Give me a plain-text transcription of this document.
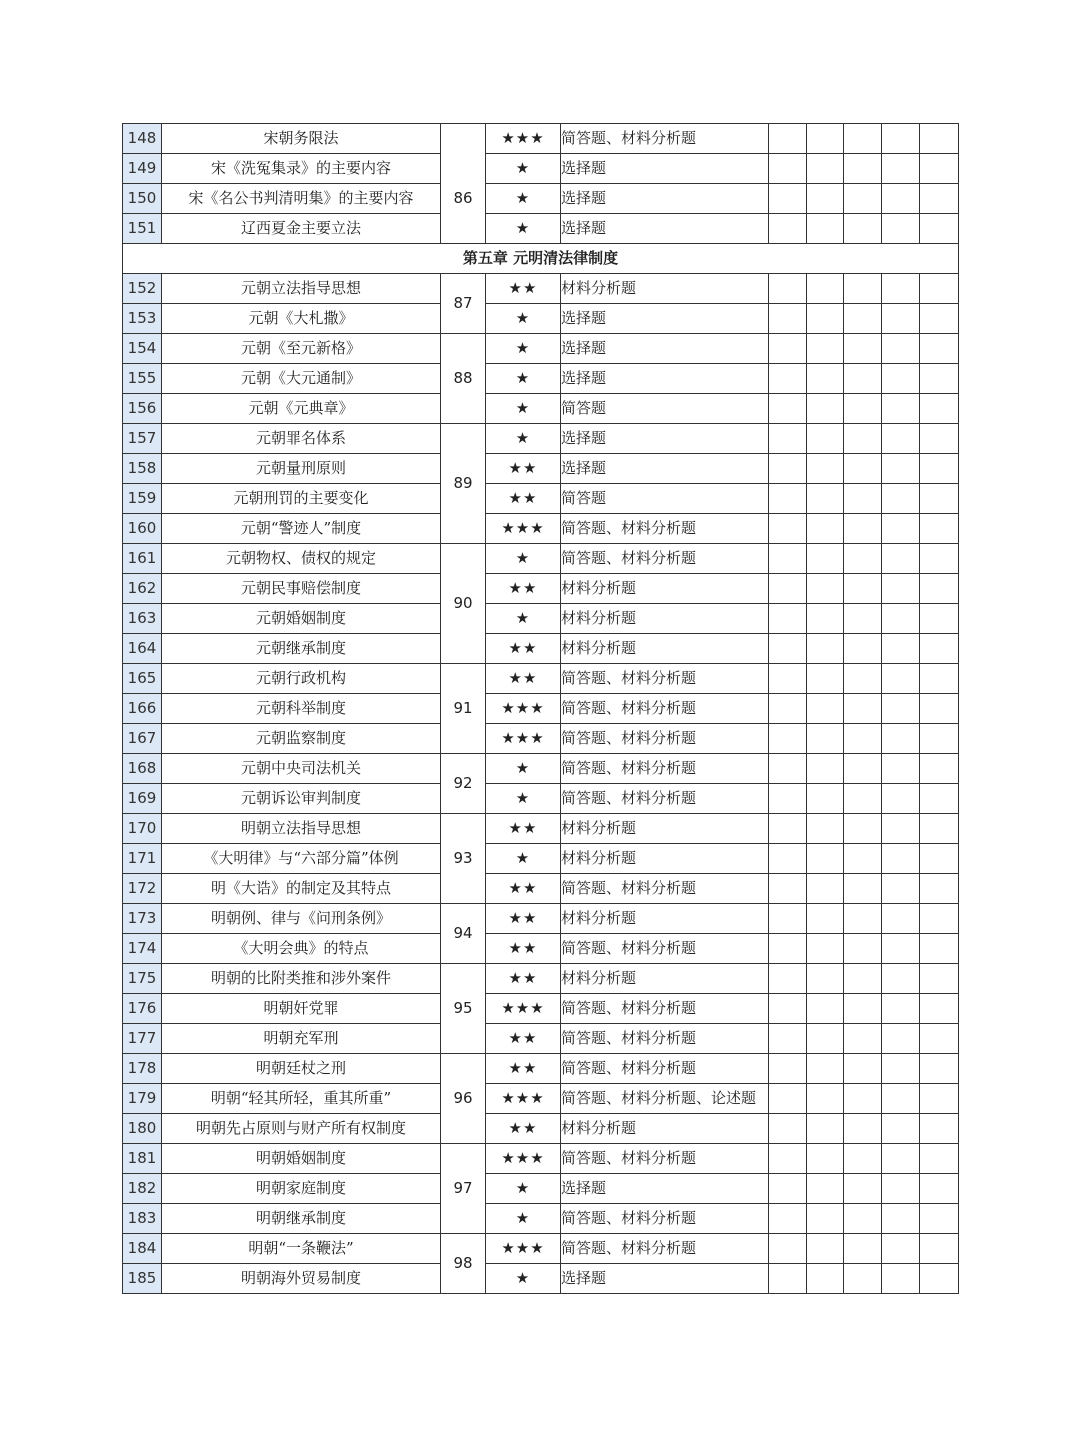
148	宋朝务限法	86	★★★	简答题、材料分析题					
149	宋《洗冤集录》的主要内容		★	选择题					
150	宋《名公书判清明集》的主要内容		★	选择题					
151	辽西夏金主要立法		★	选择题					
第五章 元明清法律制度									
152	元朝立法指导思想	87	★★	材料分析题					
153	元朝《大札撒》		★	选择题					
154	元朝《至元新格》	88	★	选择题					
155	元朝《大元通制》		★	选择题					
156	元朝《元典章》		★	简答题					
157	元朝罪名体系	89	★	选择题					
158	元朝量刑原则		★★	选择题					
159	元朝刑罚的主要变化		★★	简答题					
160	元朝“警迹人”制度		★★★	简答题、材料分析题					
161	元朝物权、债权的规定	90	★	简答题、材料分析题					
162	元朝民事赔偿制度		★★	材料分析题					
163	元朝婚姻制度		★	材料分析题					
164	元朝继承制度		★★	材料分析题					
165	元朝行政机构	91	★★	简答题、材料分析题					
166	元朝科举制度		★★★	简答题、材料分析题					
167	元朝监察制度		★★★	简答题、材料分析题					
168	元朝中央司法机关	92	★	简答题、材料分析题					
169	元朝诉讼审判制度		★	简答题、材料分析题					
170	明朝立法指导思想	93	★★	材料分析题					
171	《大明律》与“六部分篇”体例		★	材料分析题					
172	明《大诰》的制定及其特点		★★	简答题、材料分析题					
173	明朝例、律与《问刑条例》	94	★★	材料分析题					
174	《大明会典》的特点		★★	简答题、材料分析题					
175	明朝的比附类推和涉外案件	95	★★	材料分析题					
176	明朝奸党罪		★★★	简答题、材料分析题					
177	明朝充军刑		★★	简答题、材料分析题					
178	明朝廷杖之刑	96	★★	简答题、材料分析题					
179	明朝“轻其所轻，重其所重”		★★★	简答题、材料分析题、论述题					
180	明朝先占原则与财产所有权制度		★★	材料分析题					
181	明朝婚姻制度	97	★★★	简答题、材料分析题					
182	明朝家庭制度		★	选择题					
183	明朝继承制度		★	简答题、材料分析题					
184	明朝“一条鞭法”	98	★★★	简答题、材料分析题					
185	明朝海外贸易制度		★	选择题					
